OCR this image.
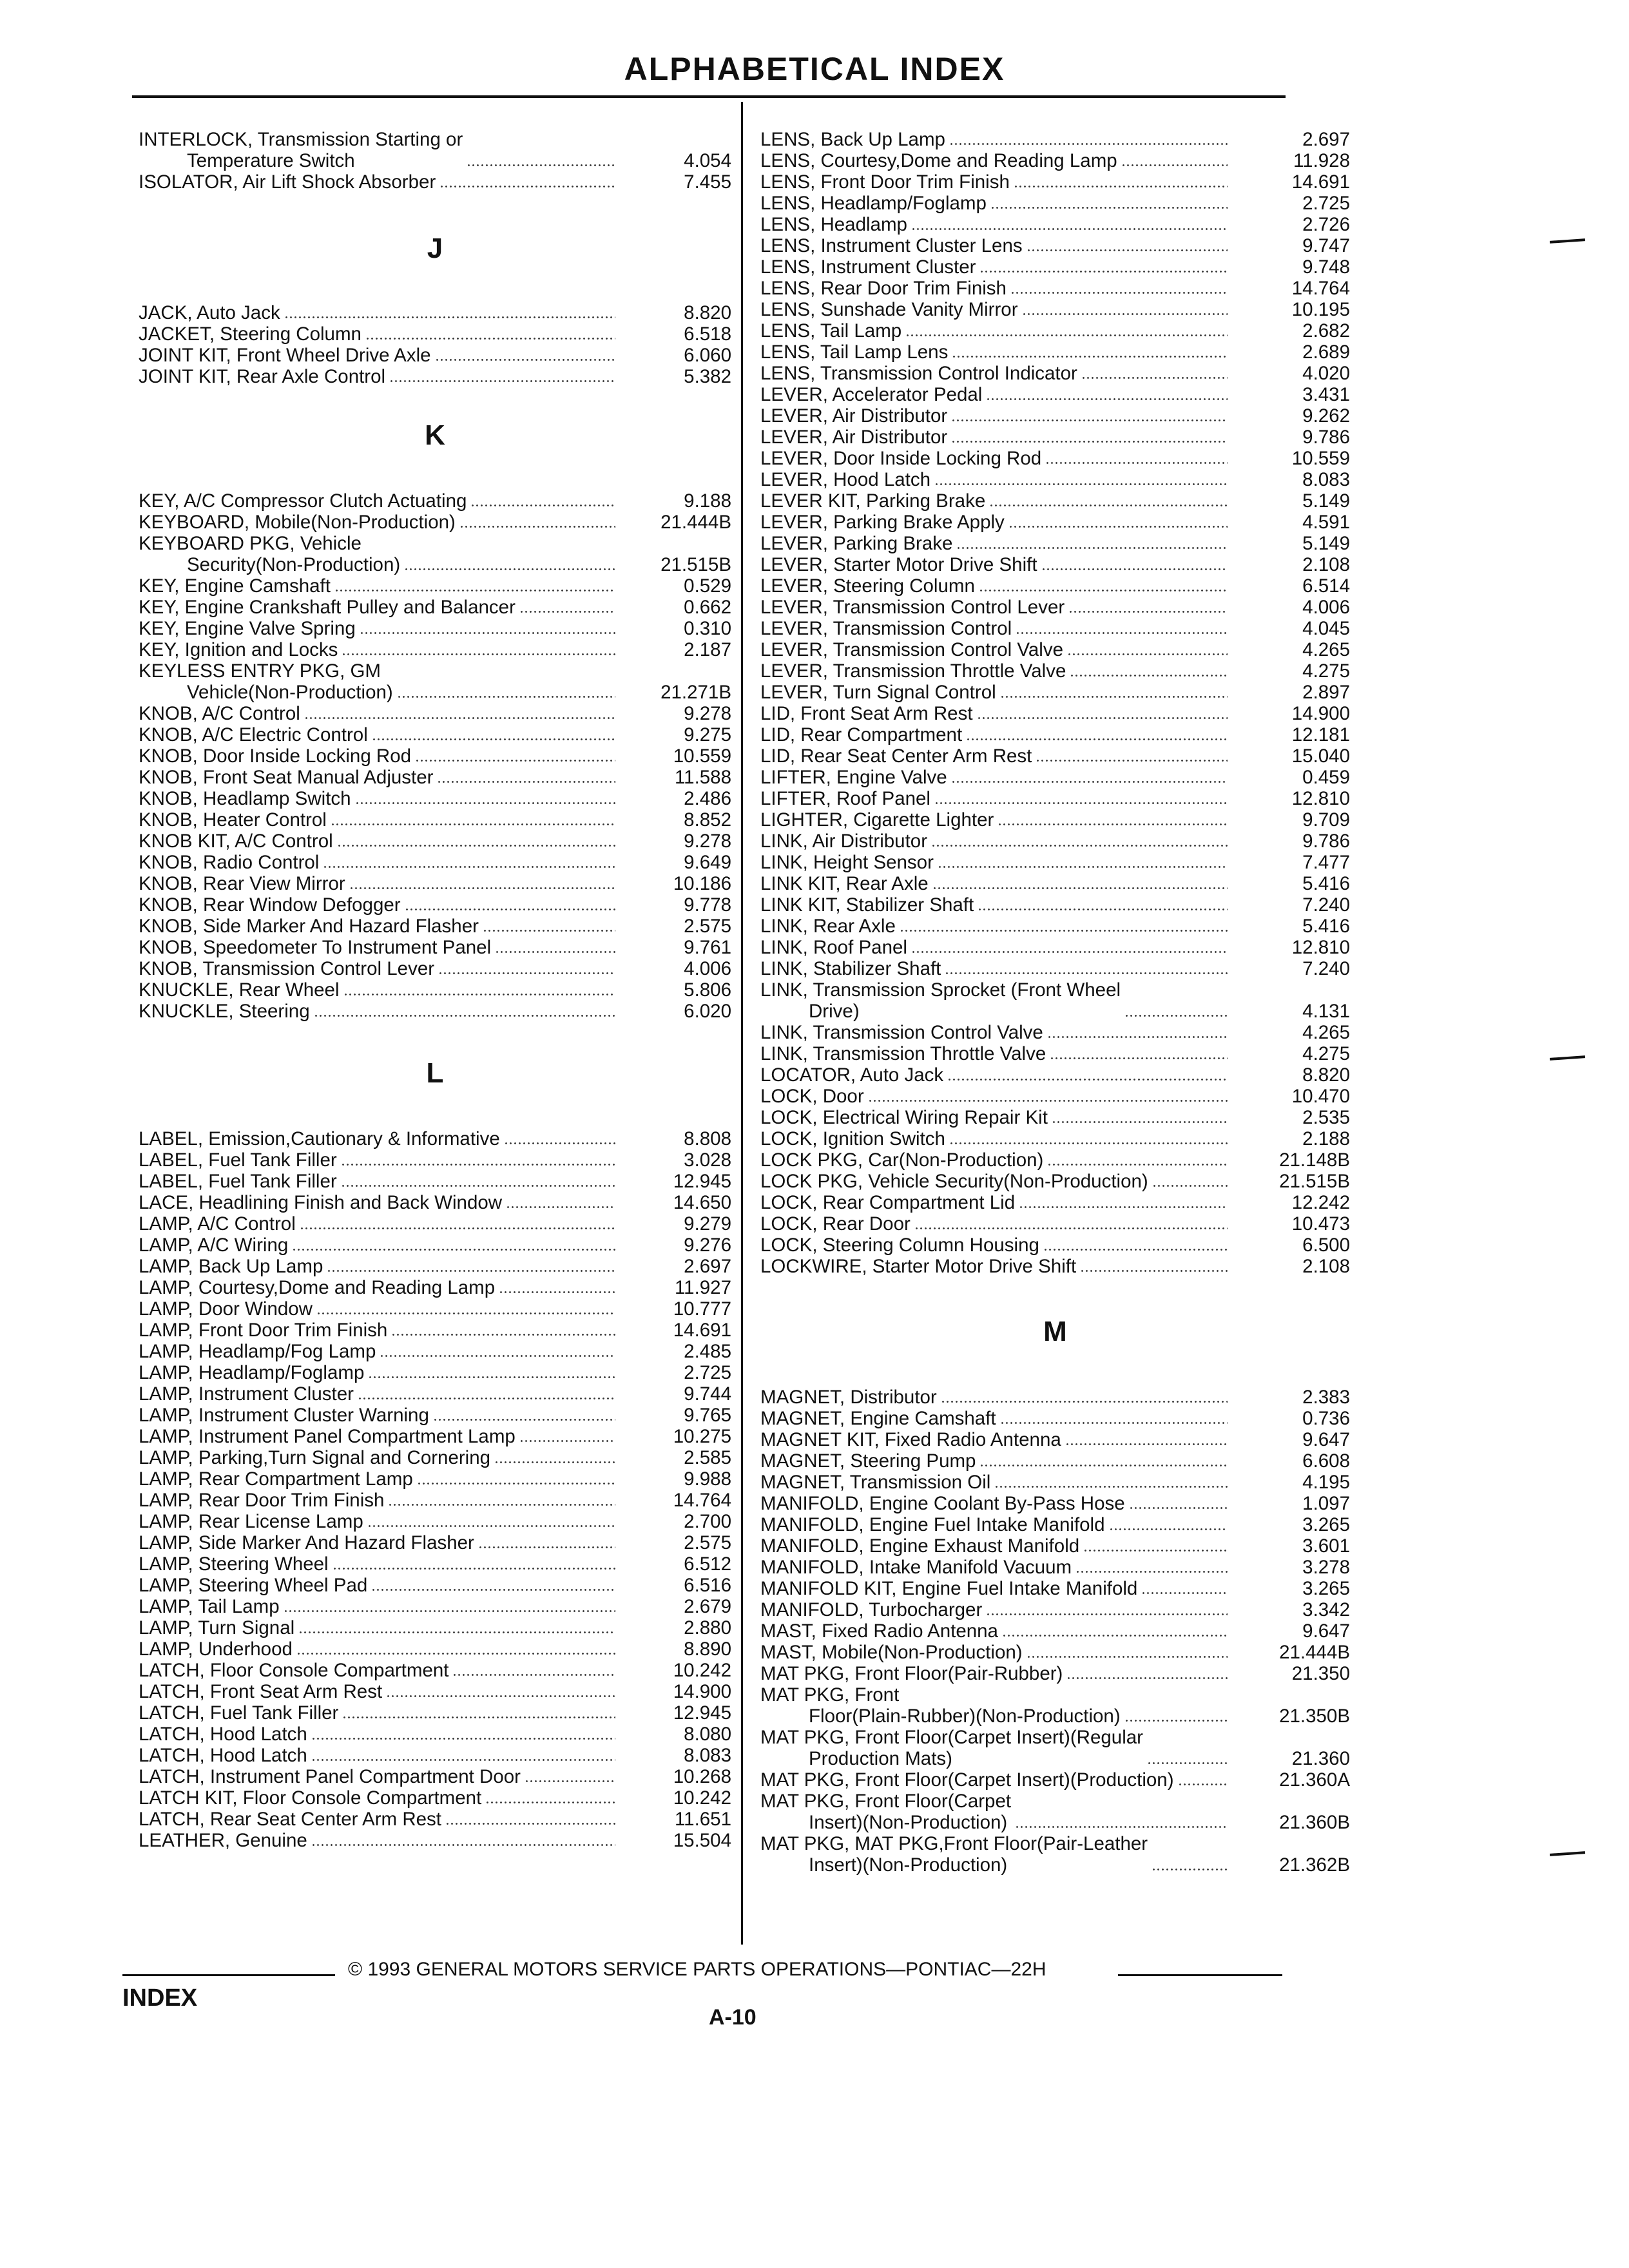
ALPHABETICAL INDEX
INTERLOCK, Transmission Starting or
Temperature Switch	4.054
ISOLATOR, Air Lift Shock Absorber	7.455
J
JACK, Auto Jack	8.820
JACKET, Steering Column	6.518
JOINT KIT, Front Wheel Drive Axle	6.060
JOINT KIT, Rear Axle Control	5.382
K
KEY, A/C Compressor Clutch Actuating	9.188
KEYBOARD, Mobile(Non-Production)	21.444B
KEYBOARD PKG, Vehicle
Security(Non-Production)	21.515B
KEY, Engine Camshaft	0.529
KEY, Engine Crankshaft Pulley and Balancer	0.662
KEY, Engine Valve Spring	0.310
KEY, Ignition and Locks	2.187
KEYLESS ENTRY PKG, GM
Vehicle(Non-Production)	21.271B
KNOB, A/C Control	9.278
KNOB, A/C Electric Control	9.275
KNOB, Door Inside Locking Rod	10.559
KNOB, Front Seat Manual Adjuster	11.588
KNOB, Headlamp Switch	2.486
KNOB, Heater Control	8.852
KNOB KIT, A/C Control	9.278
KNOB, Radio Control	9.649
KNOB, Rear View Mirror	10.186
KNOB, Rear Window Defogger	9.778
KNOB, Side Marker And Hazard Flasher	2.575
KNOB, Speedometer To Instrument Panel	9.761
KNOB, Transmission Control Lever	4.006
KNUCKLE, Rear Wheel	5.806
KNUCKLE, Steering	6.020
L
LABEL, Emission,Cautionary & Informative	8.808
LABEL, Fuel Tank Filler	3.028
LABEL, Fuel Tank Filler	12.945
LACE, Headlining Finish and Back Window	14.650
LAMP, A/C Control	9.279
LAMP, A/C Wiring	9.276
LAMP, Back Up Lamp	2.697
LAMP, Courtesy,Dome and Reading Lamp	11.927
LAMP, Door Window	10.777
LAMP, Front Door Trim Finish	14.691
LAMP, Headlamp/Fog Lamp	2.485
LAMP, Headlamp/Foglamp	2.725
LAMP, Instrument Cluster	9.744
LAMP, Instrument Cluster Warning	9.765
LAMP, Instrument Panel Compartment Lamp	10.275
LAMP, Parking,Turn Signal and Cornering	2.585
LAMP, Rear Compartment Lamp	9.988
LAMP, Rear Door Trim Finish	14.764
LAMP, Rear License Lamp	2.700
LAMP, Side Marker And Hazard Flasher	2.575
LAMP, Steering Wheel	6.512
LAMP, Steering Wheel Pad	6.516
LAMP, Tail Lamp	2.679
LAMP, Turn Signal	2.880
LAMP, Underhood	8.890
LATCH, Floor Console Compartment	10.242
LATCH, Front Seat Arm Rest	14.900
LATCH, Fuel Tank Filler	12.945
LATCH, Hood Latch	8.080
LATCH, Hood Latch	8.083
LATCH, Instrument Panel Compartment Door	10.268
LATCH KIT, Floor Console Compartment	10.242
LATCH, Rear Seat Center Arm Rest	11.651
LEATHER, Genuine	15.504
LENS, Back Up Lamp	2.697
LENS, Courtesy,Dome and Reading Lamp	11.928
LENS, Front Door Trim Finish	14.691
LENS, Headlamp/Foglamp	2.725
LENS, Headlamp	2.726
LENS, Instrument Cluster Lens	9.747
LENS, Instrument Cluster	9.748
LENS, Rear Door Trim Finish	14.764
LENS, Sunshade Vanity Mirror	10.195
LENS, Tail Lamp	2.682
LENS, Tail Lamp Lens	2.689
LENS, Transmission Control Indicator	4.020
LEVER, Accelerator Pedal	3.431
LEVER, Air Distributor	9.262
LEVER, Air Distributor	9.786
LEVER, Door Inside Locking Rod	10.559
LEVER, Hood Latch	8.083
LEVER KIT, Parking Brake	5.149
LEVER, Parking Brake Apply	4.591
LEVER, Parking Brake	5.149
LEVER, Starter Motor Drive Shift	2.108
LEVER, Steering Column	6.514
LEVER, Transmission Control Lever	4.006
LEVER, Transmission Control	4.045
LEVER, Transmission Control Valve	4.265
LEVER, Transmission Throttle Valve	4.275
LEVER, Turn Signal Control	2.897
LID, Front Seat Arm Rest	14.900
LID, Rear Compartment	12.181
LID, Rear Seat Center Arm Rest	15.040
LIFTER, Engine Valve	0.459
LIFTER, Roof Panel	12.810
LIGHTER, Cigarette Lighter	9.709
LINK, Air Distributor	9.786
LINK, Height Sensor	7.477
LINK KIT, Rear Axle	5.416
LINK KIT, Stabilizer Shaft	7.240
LINK, Rear Axle	5.416
LINK, Roof Panel	12.810
LINK, Stabilizer Shaft	7.240
LINK, Transmission Sprocket (Front Wheel
Drive)	4.131
LINK, Transmission Control Valve	4.265
LINK, Transmission Throttle Valve	4.275
LOCATOR, Auto Jack	8.820
LOCK, Door	10.470
LOCK, Electrical Wiring Repair Kit	2.535
LOCK, Ignition Switch	2.188
LOCK PKG, Car(Non-Production)	21.148B
LOCK PKG, Vehicle Security(Non-Production)	21.515B
LOCK, Rear Compartment Lid	12.242
LOCK, Rear Door	10.473
LOCK, Steering Column Housing	6.500
LOCKWIRE, Starter Motor Drive Shift	2.108
M
MAGNET, Distributor	2.383
MAGNET, Engine Camshaft	0.736
MAGNET KIT, Fixed Radio Antenna	9.647
MAGNET, Steering Pump	6.608
MAGNET, Transmission Oil	4.195
MANIFOLD, Engine Coolant By-Pass Hose	1.097
MANIFOLD, Engine Fuel Intake Manifold	3.265
MANIFOLD, Engine Exhaust Manifold	3.601
MANIFOLD, Intake Manifold Vacuum	3.278
MANIFOLD KIT, Engine Fuel Intake Manifold	3.265
MANIFOLD, Turbocharger	3.342
MAST, Fixed Radio Antenna	9.647
MAST, Mobile(Non-Production)	21.444B
MAT PKG, Front Floor(Pair-Rubber)	21.350
MAT PKG, Front
Floor(Plain-Rubber)(Non-Production)	21.350B
MAT PKG, Front Floor(Carpet Insert)(Regular
Production Mats)	21.360
MAT PKG, Front Floor(Carpet Insert)(Production)	21.360A
MAT PKG, Front Floor(Carpet
Insert)(Non-Production)	21.360B
MAT PKG, MAT PKG,Front Floor(Pair-Leather
Insert)(Non-Production)	21.362B
© 1993 GENERAL MOTORS SERVICE PARTS OPERATIONS—PONTIAC—22H
INDEX
A-10
